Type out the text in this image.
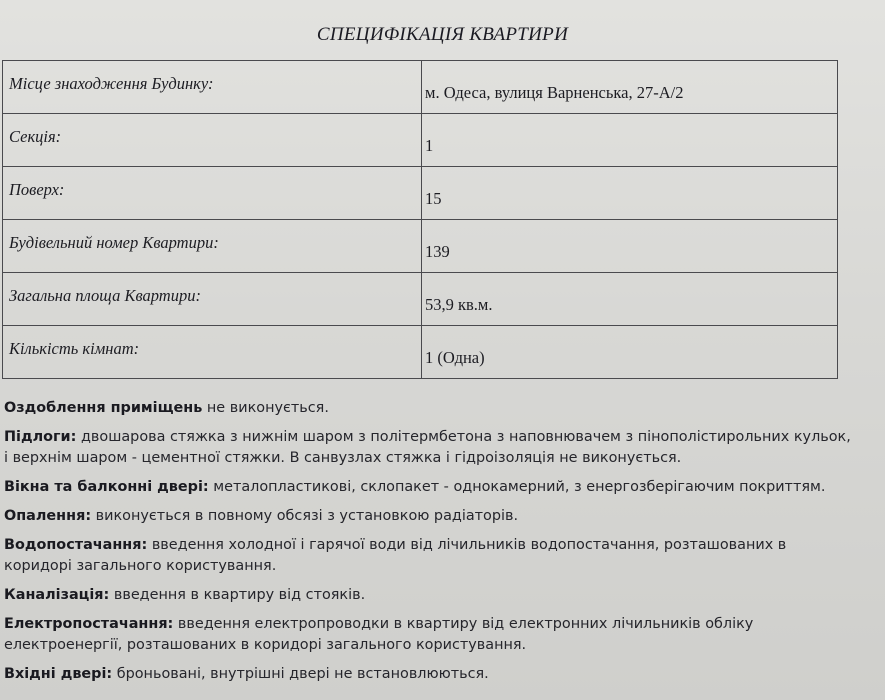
СПЕЦИФІКАЦІЯ КВАРТИРИ
Місце знаходження Будинку:	м. Одеса, вулиця Варненська, 27-А/2

Секція:	1

Поверх:	15

Будівельний номер Квартири:	139

Загальна площа Квартири:	53,9 кв.м.

Кількість кімнат:	1 (Одна)

Оздоблення приміщень не виконується.

Підлоги: двошарова стяжка з нижнім шаром з політермбетона з наповнювачем з пінополістирольних кульок,

і верхнім шаром - цементної стяжки. В санвузлах стяжка і гідроізоляція не виконується.

Вікна та балконні двері: металопластикові, склопакет - однокамерний, з енергозберігаючим покриттям.

Опалення: виконується в повному обсязі з установкою радіаторів.

Водопостачання: введення холодної і гарячої води від лічильників водопостачання, розташованих в

коридорі загального користування.

Каналізація: введення в квартиру від стояків.

Електропостачання: введення електропроводки в квартиру від електронних лічильників обліку

електроенергії, розташованих в коридорі загального користування.

Вхідні двері: броньовані, внутрішні двері не встановлюються.
